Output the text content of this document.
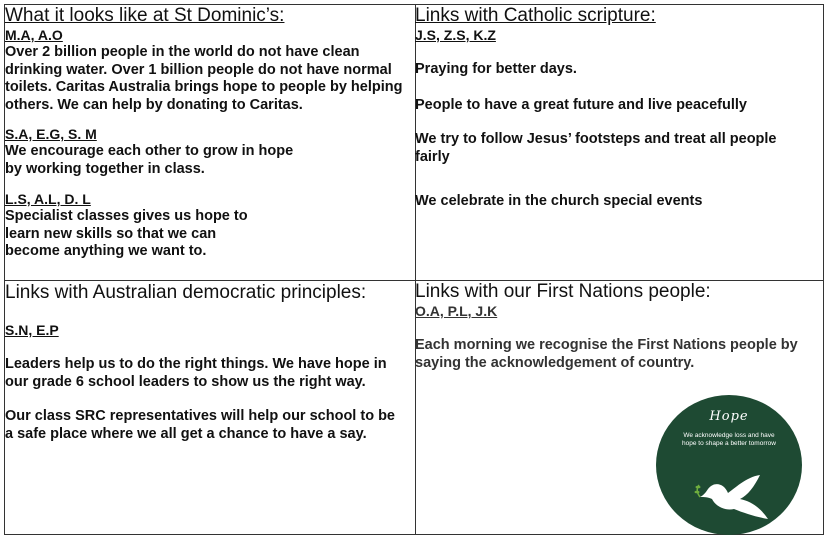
What it looks like at St Dominic’s:
M.A, A.O

Over 2 billion people in the world do not have clean drinking water. Over 1 billion people do not have normal toilets. Caritas Australia brings hope to people by helping others. We can help by donating to Caritas.

S.A, E.G, S. M

We encourage each other to grow in hope

by working together in class.

L.S, A.L, D. L

Specialist classes gives us hope to

learn new skills so that we can

become anything we want to.

Links with Catholic scripture:
J.S, Z.S, K.Z

Praying for better days.

People to have a great future and live peacefully

We try to follow Jesus’ footsteps and treat all people fairly

We celebrate in the church special events

Links with Australian democratic principles:
S.N, E.P

Leaders help us to do the right things. We have hope in our grade 6 school leaders to show us the right way.

Our class SRC representatives will help our school to be a safe place where we all get a chance to have a say.

Links with our First Nations people:
O.A, P.L, J.K

Each morning we recognise the First Nations people by saying the acknowledgement of country.

Hope
We acknowledge loss and have hope to shape a better tomorrow
